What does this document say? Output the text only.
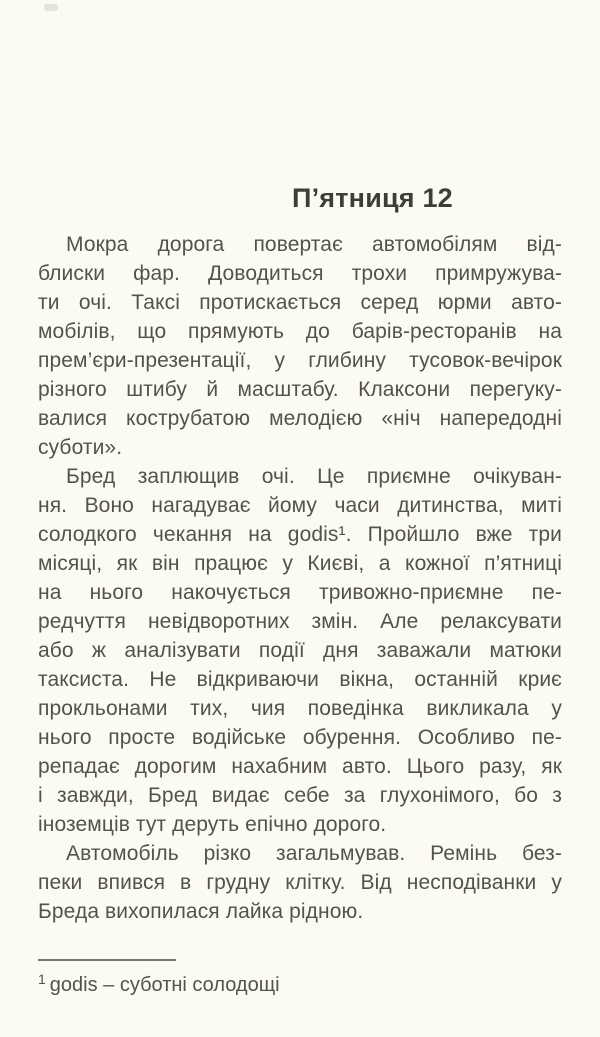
П’ятниця 12
Мокра дорога повертає автомобілям від-
блиски фар. Доводиться трохи примружува-
ти очі. Таксі протискається серед юрми авто-
мобілів, що прямують до барів-ресторанів на
прем’єри-презентації, у глибину тусовок-вечірок
різного штибу й масштабу. Клаксони перегуку-
валися кострубатою мелодією «ніч напередодні
суботи».
Бред заплющив очі. Це приємне очікуван-
ня. Воно нагадуває йому часи дитинства, миті
солодкого чекання на godis¹. Пройшло вже три
місяці, як він працює у Києві, а кожної п’ятниці
на нього накочується тривожно-приємне пе-
редчуття невідворотних змін. Але релаксувати
або ж аналізувати події дня заважали матюки
таксиста. Не відкриваючи вікна, останній криє
прокльонами тих, чия поведінка викликала у
нього просте водійське обурення. Особливо пе-
репадає дорогим нахабним авто. Цього разу, як
і завжди, Бред видає себе за глухонімого, бо з
іноземців тут деруть епічно дорого.
Автомобіль різко загальмував. Ремінь без-
пеки впився в грудну клітку. Від несподіванки у
Бреда вихопилася лайка рідною.
$^1$ godis – суботні солодощі
